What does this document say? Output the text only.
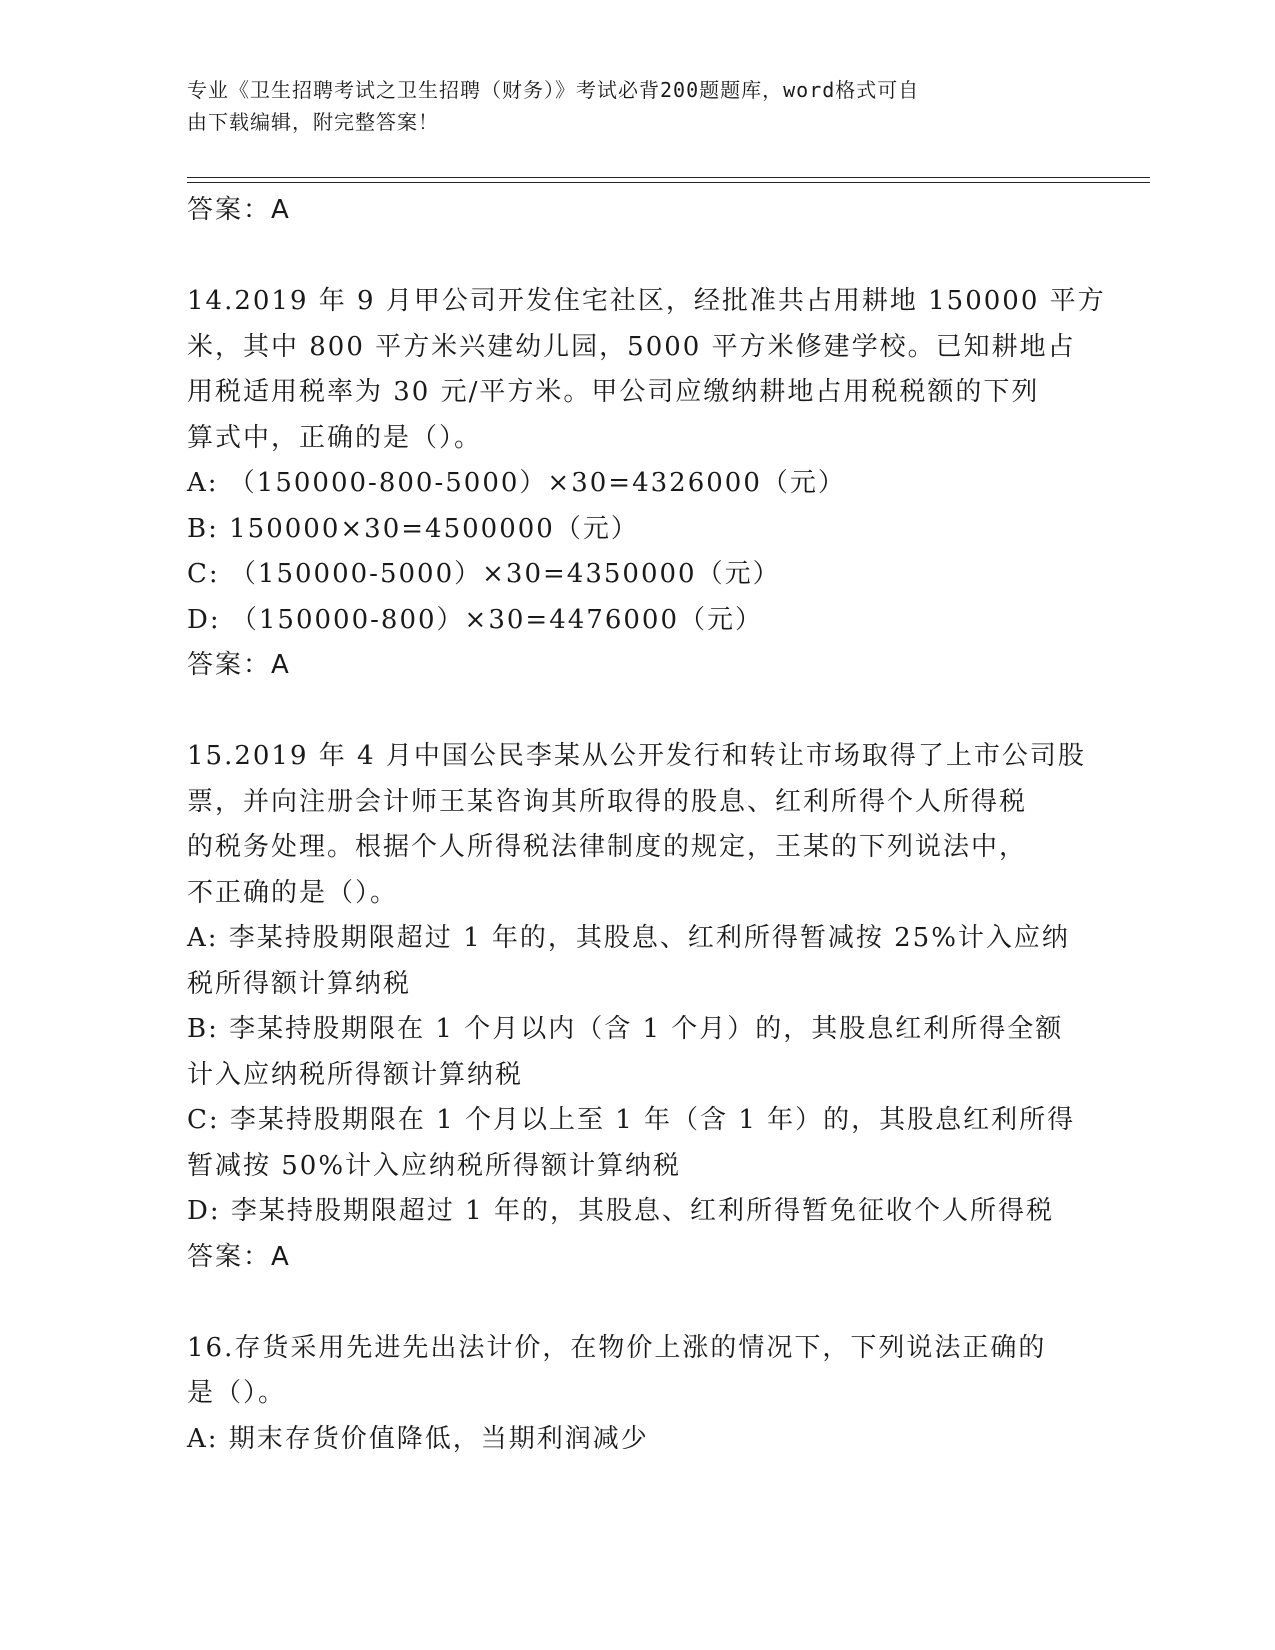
专业《卫生招聘考试之卫生招聘（财务）》考试必背200题题库，word格式可自
由下载编辑，附完整答案！
答案：A
14.2019 年 9 月甲公司开发住宅社区，经批准共占用耕地 150000 平方
米，其中 800 平方米兴建幼儿园，5000 平方米修建学校。已知耕地占
用税适用税率为 30 元/平方米。甲公司应缴纳耕地占用税税额的下列
算式中，正确的是（）。
A: （150000-800-5000）×30=4326000（元）
B: 150000×30=4500000（元）
C: （150000-5000）×30=4350000（元）
D: （150000-800）×30=4476000（元）
答案：A
15.2019 年 4 月中国公民李某从公开发行和转让市场取得了上市公司股
票，并向注册会计师王某咨询其所取得的股息、红利所得个人所得税
的税务处理。根据个人所得税法律制度的规定，王某的下列说法中，
不正确的是（）。
A: 李某持股期限超过 1 年的，其股息、红利所得暂减按 25%计入应纳
税所得额计算纳税
B: 李某持股期限在 1 个月以内（含 1 个月）的，其股息红利所得全额
计入应纳税所得额计算纳税
C: 李某持股期限在 1 个月以上至 1 年（含 1 年）的，其股息红利所得
暂减按 50%计入应纳税所得额计算纳税
D: 李某持股期限超过 1 年的，其股息、红利所得暂免征收个人所得税
答案：A
16.存货采用先进先出法计价，在物价上涨的情况下，下列说法正确的
是（）。
A: 期末存货价值降低，当期利润减少
